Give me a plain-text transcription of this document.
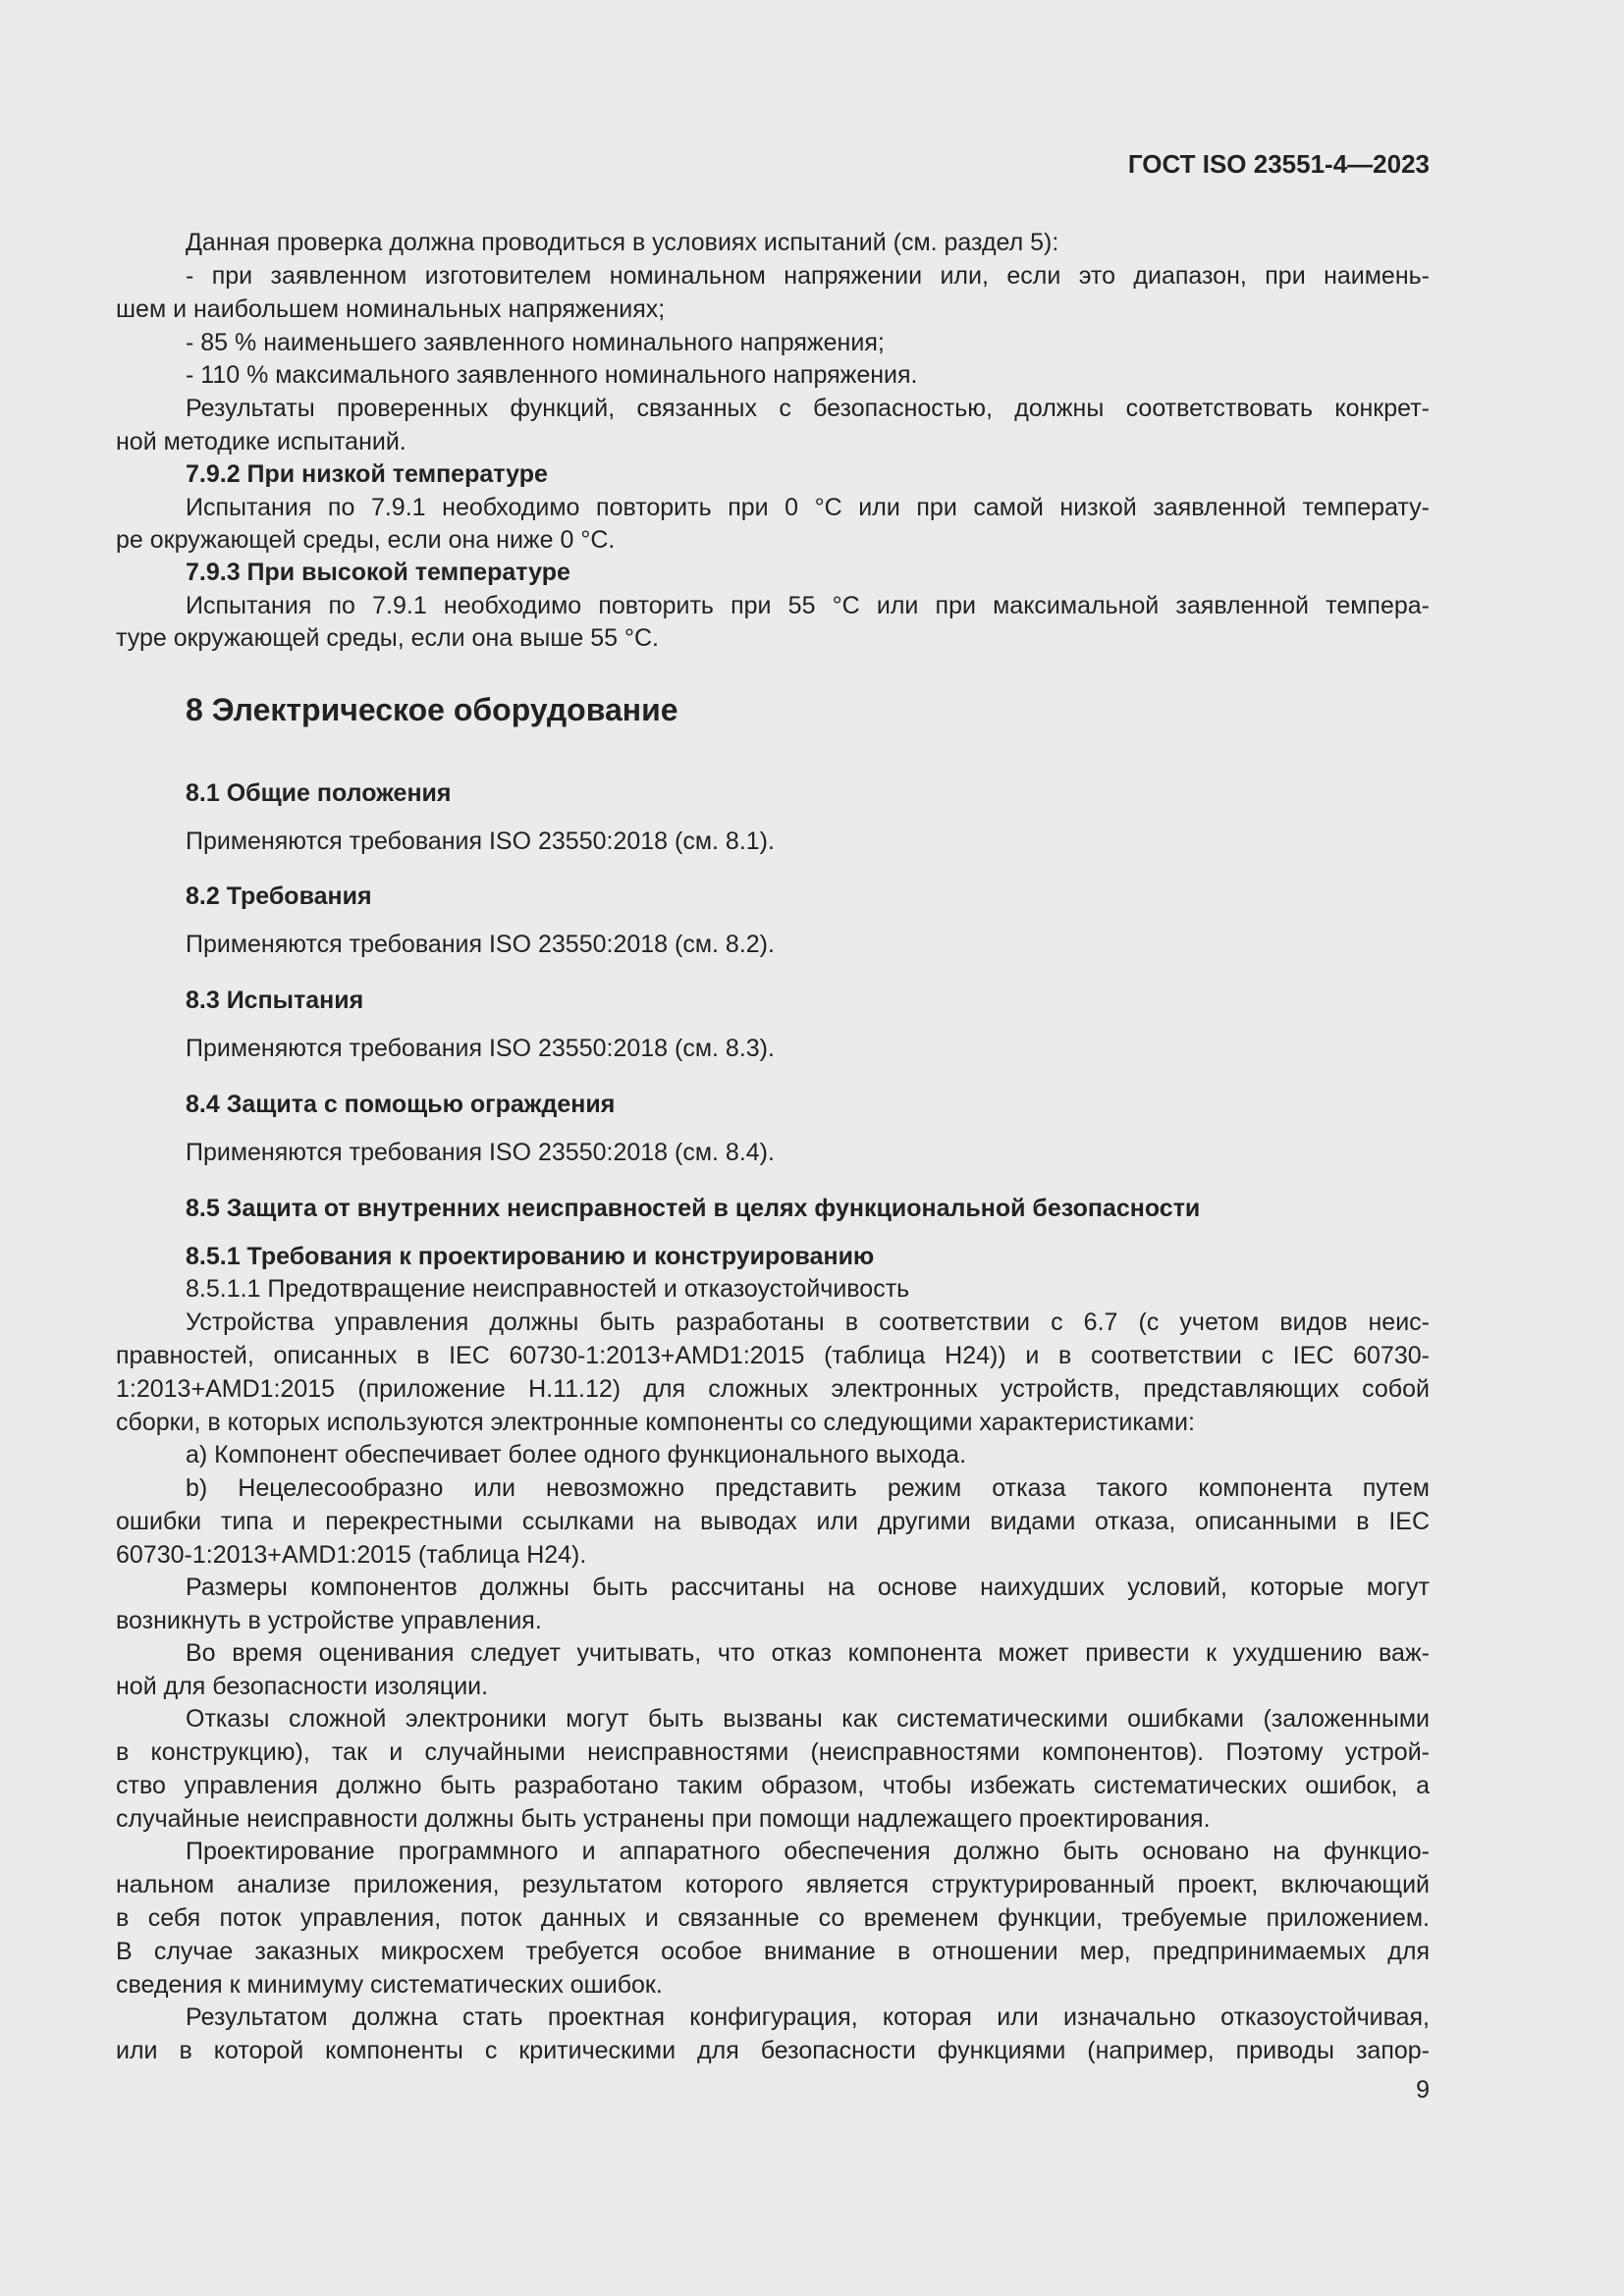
ГОСТ ISO 23551-4—2023
Данная проверка должна проводиться в условиях испытаний (см. раздел 5):
- при заявленном изготовителем номинальном напряжении или, если это диапазон, при наимень-
шем и наибольшем номинальных напряжениях;
- 85 % наименьшего заявленного номинального напряжения;
- 110 % максимального заявленного номинального напряжения.
Результаты проверенных функций, связанных с безопасностью, должны соответствовать конкрет-
ной методике испытаний.
7.9.2 При низкой температуре
Испытания по 7.9.1 необходимо повторить при 0 °С или при самой низкой заявленной температу-
ре окружающей среды, если она ниже 0 °С.
7.9.3 При высокой температуре
Испытания по 7.9.1 необходимо повторить при 55 °С или при максимальной заявленной темпера-
туре окружающей среды, если она выше 55 °С.
8 Электрическое оборудование
8.1 Общие положения
Применяются требования ISO 23550:2018 (см. 8.1).
8.2 Требования
Применяются требования ISO 23550:2018 (см. 8.2).
8.3 Испытания
Применяются требования ISO 23550:2018 (см. 8.3).
8.4 Защита с помощью ограждения
Применяются требования ISO 23550:2018 (см. 8.4).
8.5 Защита от внутренних неисправностей в целях функциональной безопасности
8.5.1 Требования к проектированию и конструированию
8.5.1.1 Предотвращение неисправностей и отказоустойчивость
Устройства управления должны быть разработаны в соответствии с 6.7 (с учетом видов неис-
правностей, описанных в IEC 60730-1:2013+AMD1:2015 (таблица H24)) и в соответствии с IEC 60730-
1:2013+AMD1:2015 (приложение H.11.12) для сложных электронных устройств, представляющих собой
сборки, в которых используются электронные компоненты со следующими характеристиками:
a) Компонент обеспечивает более одного функционального выхода.
b) Нецелесообразно или невозможно представить режим отказа такого компонента путем
ошибки типа и перекрестными ссылками на выводах или другими видами отказа, описанными в IEC
60730-1:2013+AMD1:2015 (таблица H24).
Размеры компонентов должны быть рассчитаны на основе наихудших условий, которые могут
возникнуть в устройстве управления.
Во время оценивания следует учитывать, что отказ компонента может привести к ухудшению важ-
ной для безопасности изоляции.
Отказы сложной электроники могут быть вызваны как систематическими ошибками (заложенными
в конструкцию), так и случайными неисправностями (неисправностями компонентов). Поэтому устрой-
ство управления должно быть разработано таким образом, чтобы избежать систематических ошибок, а
случайные неисправности должны быть устранены при помощи надлежащего проектирования.
Проектирование программного и аппаратного обеспечения должно быть основано на функцио-
нальном анализе приложения, результатом которого является структурированный проект, включающий
в себя поток управления, поток данных и связанные со временем функции, требуемые приложением.
В случае заказных микросхем требуется особое внимание в отношении мер, предпринимаемых для
сведения к минимуму систематических ошибок.
Результатом должна стать проектная конфигурация, которая или изначально отказоустойчивая,
или в которой компоненты с критическими для безопасности функциями (например, приводы запор-
9
